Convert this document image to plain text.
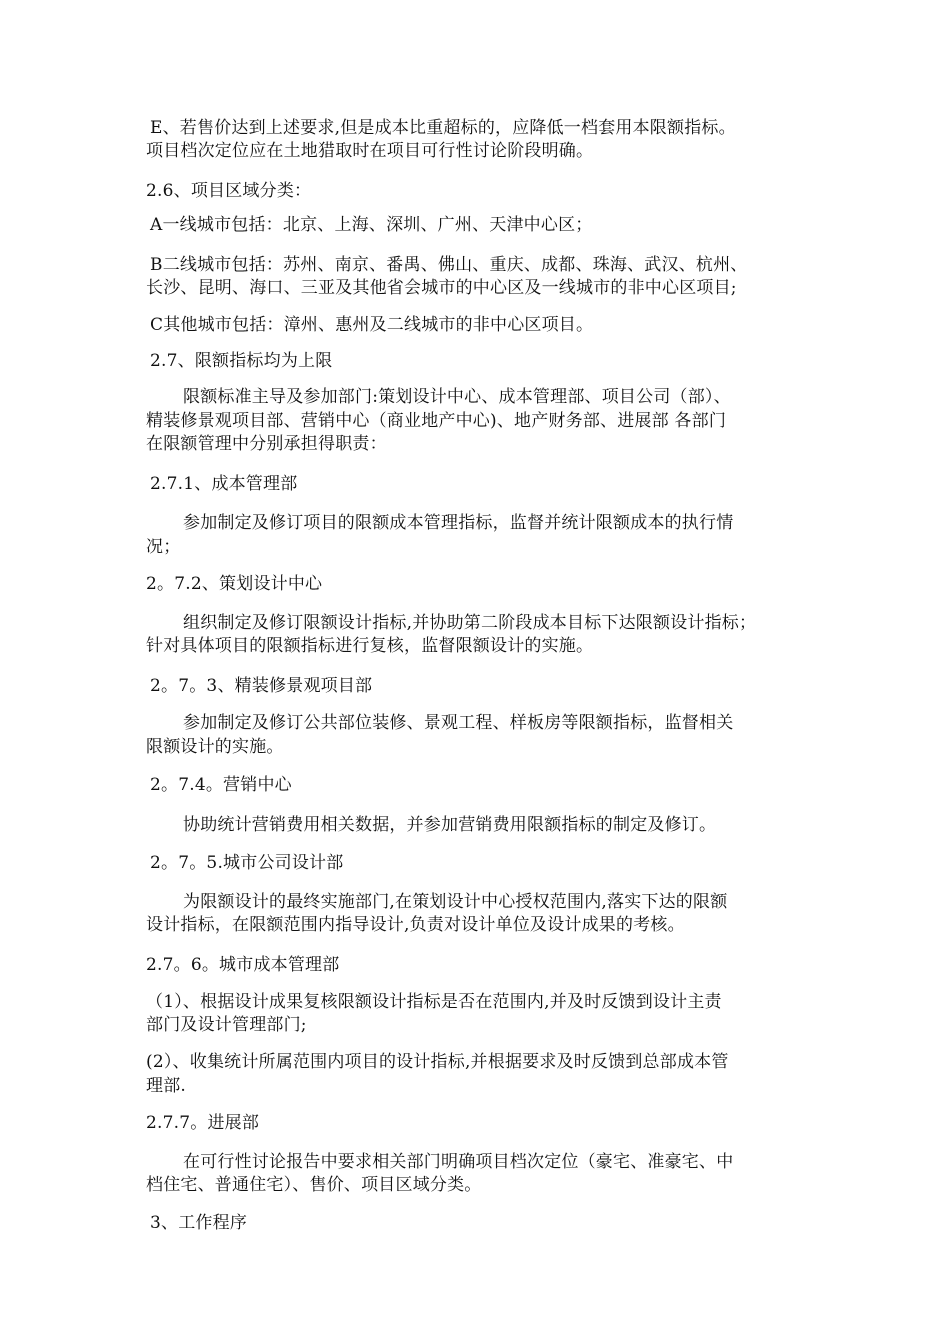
E、若售价达到上述要求,但是成本比重超标的，应降低一档套用本限额指标。
项目档次定位应在土地猎取时在项目可行性讨论阶段明确。
2.6、项目区域分类：
A一线城市包括：北京、上海、深圳、广州、天津中心区；
B二线城市包括：苏州、南京、番禺、佛山、重庆、成都、珠海、武汉、杭州、
长沙、昆明、海口、三亚及其他省会城市的中心区及一线城市的非中心区项目;
C其他城市包括：漳州、惠州及二线城市的非中心区项目。
2.7、限额指标均为上限
限额标准主导及参加部门:策划设计中心、成本管理部、项目公司（部）、
精装修景观项目部、营销中心（商业地产中心)、地产财务部、进展部 各部门
在限额管理中分别承担得职责：
2.7.1、成本管理部
参加制定及修订项目的限额成本管理指标，监督并统计限额成本的执行情
况；
2。7.2、策划设计中心
组织制定及修订限额设计指标,并协助第二阶段成本目标下达限额设计指标；
针对具体项目的限额指标进行复核，监督限额设计的实施。
2。7。3、精装修景观项目部
参加制定及修订公共部位装修、景观工程、样板房等限额指标，监督相关
限额设计的实施。
2。7.4。营销中心
协助统计营销费用相关数据，并参加营销费用限额指标的制定及修订。
2。7。5.城市公司设计部
为限额设计的最终实施部门,在策划设计中心授权范围内,落实下达的限额
设计指标，在限额范围内指导设计,负责对设计单位及设计成果的考核。
2.7。6。城市成本管理部
（1）、根据设计成果复核限额设计指标是否在范围内,并及时反馈到设计主责
部门及设计管理部门;
(2）、收集统计所属范围内项目的设计指标,并根据要求及时反馈到总部成本管
理部.
2.7.7。进展部
在可行性讨论报告中要求相关部门明确项目档次定位（豪宅、准豪宅、中
档住宅、普通住宅）、售价、项目区域分类。
3、工作程序
